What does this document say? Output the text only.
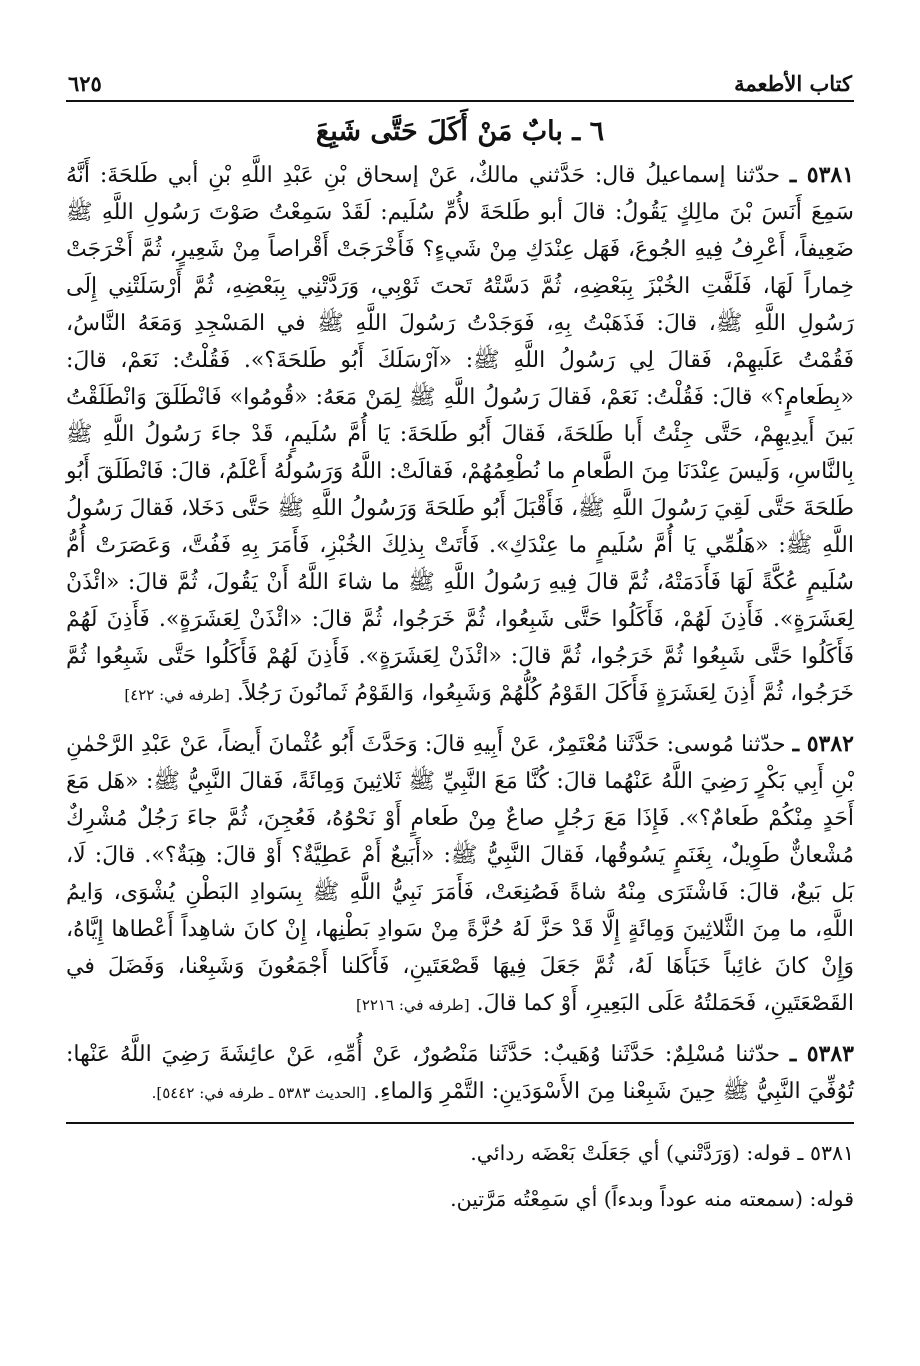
كتاب الأطعمة
٦٢٥
٦ ـ بابٌ مَنْ أَكَلَ حَتَّى شَبِعَ

٥٣٨١ ـ حدّثنا إسماعيلُ قال: حَدَّثني مالكٌ، عَنْ إسحاق بْنِ عَبْدِ اللَّهِ بْنِ أبي طَلحَةَ: أَنَّهُ سَمِعَ أَنَسَ بْنَ مالِكٍ يَقُولُ: قالَ أبو طَلحَةَ لأُمِّ سُلَيم: لَقَدْ سَمِعْتُ صَوْتَ رَسُولِ اللَّهِ ﷺ ضَعِيفاً، أَعْرِفُ فِيهِ الجُوعَ، فَهَل عِنْدَكِ مِنْ شَيءٍ؟ فَأَخْرَجَتْ أَقْراصاً مِنْ شَعِيرٍ، ثُمَّ أَخْرَجَتْ خِماراً لَهَا، فَلَفَّتِ الخُبْزَ بِبَعْضِهِ، ثُمَّ دَسَّتْهُ تَحتَ ثَوْبِي، وَرَدَّتْنِي بِبَعْضِهِ، ثُمَّ أَرْسَلَتْنِي إِلَى رَسُولِ اللَّهِ ﷺ، قالَ: فَذَهَبْتُ بِهِ، فَوَجَدْتُ رَسُولَ اللَّهِ ﷺ في المَسْجِدِ وَمَعَهُ النَّاسُ، فَقُمْتُ عَلَيهِمْ، فَقالَ لِي رَسُولُ اللَّهِ ﷺ: «آرْسَلَكَ أَبُو طَلحَةَ؟». فَقُلْتُ: نَعَمْ، قالَ: «بِطَعامٍ؟» قالَ: فَقُلْتُ: نَعَمْ، فَقالَ رَسُولُ اللَّهِ ﷺ لِمَنْ مَعَهُ: «قُومُوا» فَانْطَلَقَ وَانْطَلَقْتُ بَينَ أَيدِيهِمْ، حَتَّى جِئْتُ أَبا طَلحَةَ، فَقالَ أَبُو طَلحَةَ: يَا أُمَّ سُلَيمٍ، قَدْ جاءَ رَسُولُ اللَّهِ ﷺ بِالنَّاسِ، وَلَيسَ عِنْدَنَا مِنَ الطَّعامِ ما نُطْعِمُهُمْ، فَقالَتْ: اللَّهُ وَرَسُولُهُ أَعْلَمُ، قالَ: فَانْطَلَقَ أَبُو طَلحَةَ حَتَّى لَقِيَ رَسُولَ اللَّهِ ﷺ، فَأَقْبَلَ أَبُو طَلحَةَ وَرَسُولُ اللَّهِ ﷺ حَتَّى دَخَلا، فَقالَ رَسُولُ اللَّهِ ﷺ: «هَلُمِّي يَا أُمَّ سُلَيمٍ ما عِنْدَكِ». فَأَتَتْ بِذلِكَ الخُبْزِ، فَأَمَرَ بِهِ فَفُتَّ، وَعَصَرَتْ أُمُّ سُلَيمٍ عُكَّةً لَهَا فَأَدَمَتْهُ، ثُمَّ قالَ فِيهِ رَسُولُ اللَّهِ ﷺ ما شاءَ اللَّهُ أَنْ يَقُولَ، ثُمَّ قالَ: «ائْذَنْ لِعَشَرَةٍ». فَأَذِنَ لَهُمْ، فَأَكَلُوا حَتَّى شَبِعُوا، ثُمَّ خَرَجُوا، ثُمَّ قالَ: «ائْذَنْ لِعَشَرَةٍ». فَأَذِنَ لَهُمْ فَأَكَلُوا حَتَّى شَبِعُوا ثُمَّ خَرَجُوا، ثُمَّ قالَ: «ائْذَنْ لِعَشَرَةٍ». فَأَذِنَ لَهُمْ فَأَكَلُوا حَتَّى شَبِعُوا ثُمَّ خَرَجُوا، ثُمَّ أَذِنَ لِعَشَرَةٍ فَأَكَلَ القَوْمُ كُلُّهُمْ وَشَبِعُوا، وَالقَوْمُ ثَمانُونَ رَجُلاً. [طرفه في: ٤٢٢]

٥٣٨٢ ـ حدّثنا مُوسى: حَدَّثَنا مُعْتَمِرٌ، عَنْ أَبِيهِ قالَ: وَحَدَّثَ أَبُو عُثْمانَ أَيضاً، عَنْ عَبْدِ الرَّحْمٰنِ بْنِ أَبِي بَكْرٍ رَضِيَ اللَّهُ عَنْهُما قالَ: كُنَّا مَعَ النَّبِيِّ ﷺ ثَلاثِينَ وَمِائَةً، فَقالَ النَّبِيُّ ﷺ: «هَل مَعَ أَحَدٍ مِنْكُمْ طَعامٌ؟». فَإِذَا مَعَ رَجُلٍ صاعٌ مِنْ طَعامٍ أَوْ نَحْوُهُ، فَعُجِنَ، ثُمَّ جاءَ رَجُلٌ مُشْرِكٌ مُشْعانٌّ طَوِيلٌ، بِغَنَمٍ يَسُوقُها، فَقالَ النَّبِيُّ ﷺ: «أَبَيعٌ أَمْ عَطِيَّةٌ؟ أَوْ قالَ: هِبَةٌ؟». قالَ: لَا، بَل بَيعٌ، قالَ: فَاشْتَرَى مِنْهُ شاةً فَصُنِعَتْ، فَأَمَرَ نَبِيُّ اللَّهِ ﷺ بِسَوادِ البَطْنِ يُشْوَى، وَايمُ اللَّهِ، ما مِنَ الثَّلاثِينَ وَمِائَةٍ إِلَّا قَدْ حَزَّ لَهُ حُزَّةً مِنْ سَوادِ بَطْنِها، إِنْ كانَ شاهِداً أَعْطاها إِيَّاهُ، وَإِنْ كانَ غائِباً خَبَأَهَا لَهُ، ثُمَّ جَعَلَ فِيهَا قَصْعَتَينِ، فَأَكَلنا أَجْمَعُونَ وَشَبِعْنا، وَفَضَلَ في القَصْعَتَينِ، فَحَمَلتُهُ عَلَى البَعِيرِ، أَوْ كما قالَ. [طرفه في: ٢٢١٦]

٥٣٨٣ ـ حدّثنا مُسْلِمٌ: حَدَّثَنا وُهَيبٌ: حَدَّثَنا مَنْصُورٌ، عَنْ أُمِّهِ، عَنْ عائِشَةَ رَضِيَ اللَّهُ عَنْها: تُوُفِّيَ النَّبِيُّ ﷺ حِينَ شَبِعْنا مِنَ الأَسْوَدَينِ: التَّمْرِ وَالماءِ. [الحديث ٥٣٨٣ ـ طرفه في: ٥٤٤٢].

٥٣٨١ ـ قوله: (وَرَدَّتْني) أي جَعَلَتْ بَعْضَه ردائي.

قوله: (سمعته منه عوداً وبدءاً) أي سَمِعْتُه مَرَّتين.
